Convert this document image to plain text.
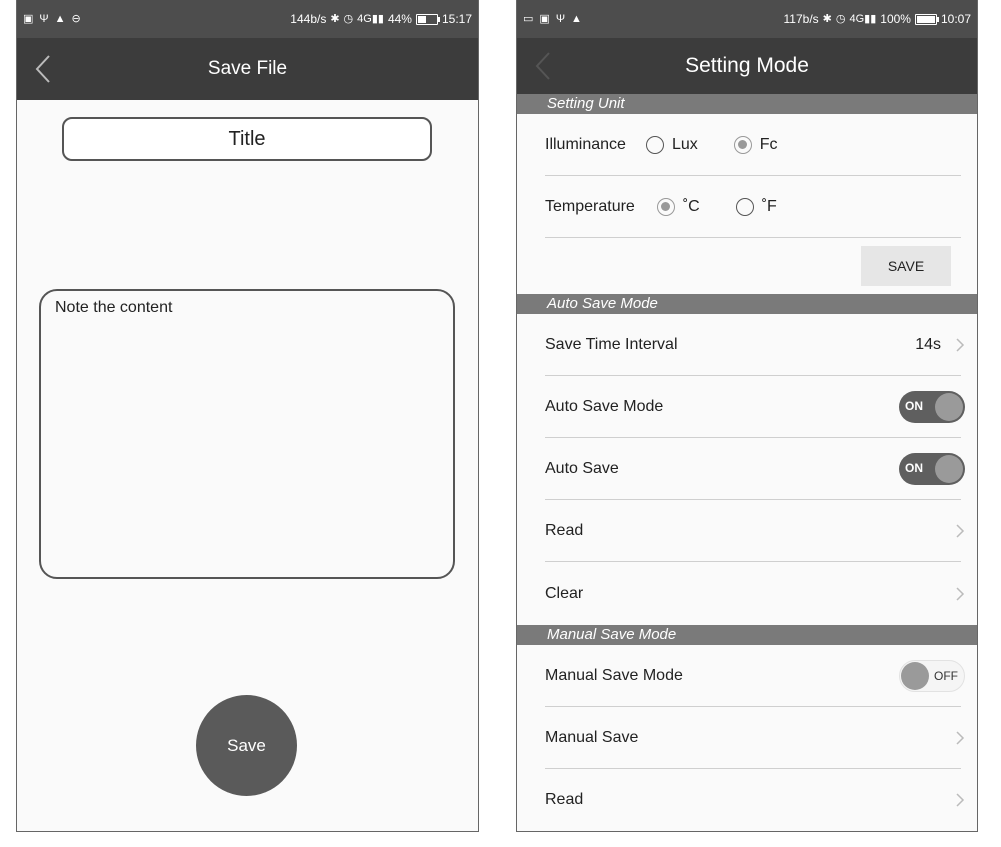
▣ Ψ ▲ ⊖	144b/s ✱ ◷ 4G▮▮ 44%	15:17
Save File
Title
Note the content
Save
▭ ▣ Ψ ▲	117b/s ✱ ◷ 4G▮▮ 100%	10:07
Setting Mode
Setting Unit
Illuminance	Lux	Fc
Temperature	˚C	˚F
SAVE
Auto Save Mode
Save Time Interval	14s
Auto Save Mode	ON
Auto Save	ON
Read
Clear
Manual Save Mode
Manual Save Mode	OFF
Manual Save
Read
